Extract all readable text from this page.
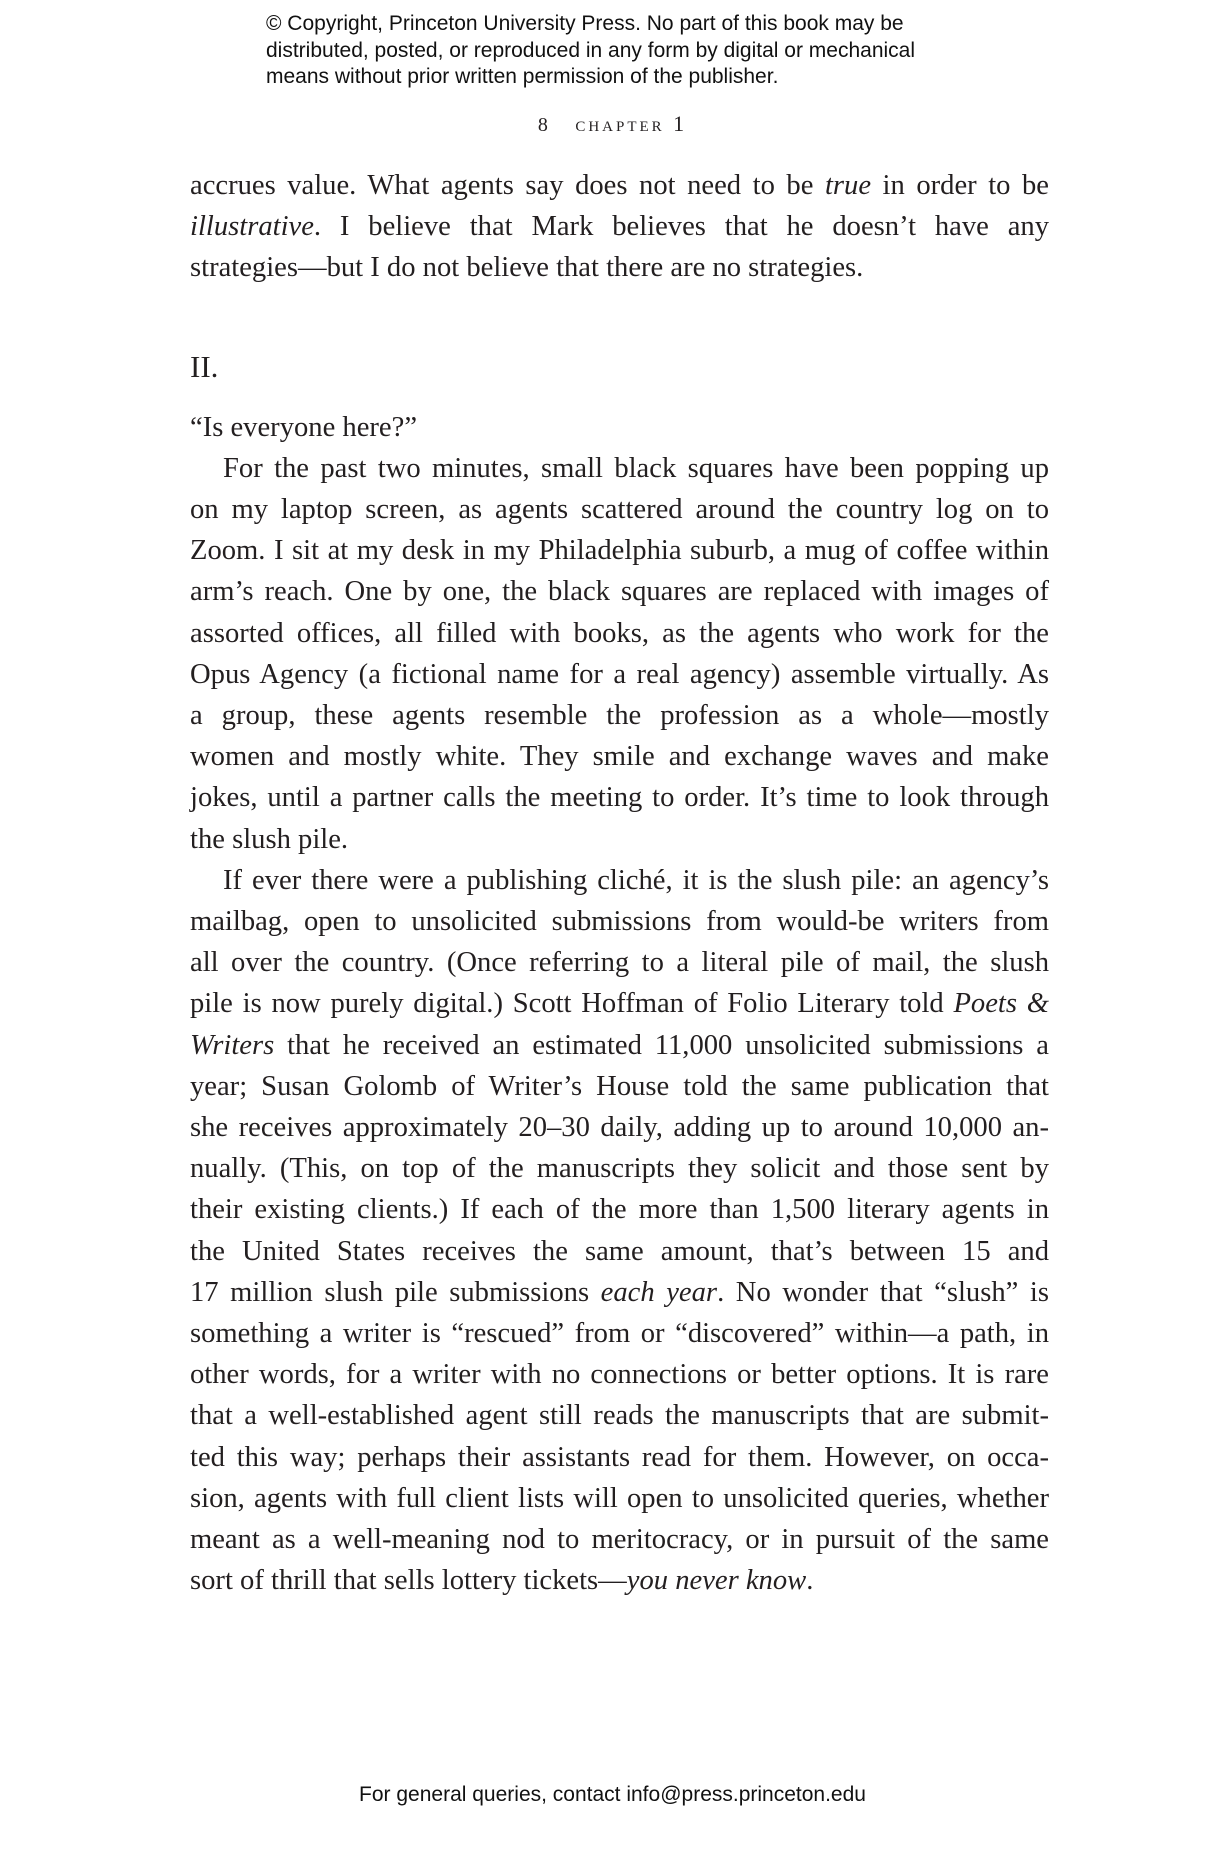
© Copyright, Princeton University Press. No part of this book may be
distributed, posted, or reproduced in any form by digital or mechanical
means without prior written permission of the publisher.
8 chapter 1

accrues value. What agents say does not need to be true in order to be
illustrative. I believe that Mark believes that he doesn’t have any
strategies—but I do not believe that there are no strategies.

II.

“Is everyone here?”

For the past two minutes, small black squares have been popping up
on my laptop screen, as agents scattered around the country log on to
Zoom. I sit at my desk in my Philadelphia suburb, a mug of coffee within
arm’s reach. One by one, the black squares are replaced with images of
assorted offices, all filled with books, as the agents who work for the
Opus Agency (a fictional name for a real agency) assemble virtually. As
a group, these agents resemble the profession as a whole—mostly
women and mostly white. They smile and exchange waves and make
jokes, until a partner calls the meeting to order. It’s time to look through
the slush pile.

If ever there were a publishing cliché, it is the slush pile: an agency’s
mailbag, open to unsolicited submissions from would-be writers from
all over the country. (Once referring to a literal pile of mail, the slush
pile is now purely digital.) Scott Hoffman of Folio Literary told Poets &
Writers that he received an estimated 11,000 unsolicited submissions a
year; Susan Golomb of Writer’s House told the same publication that
she receives approximately 20–30 daily, adding up to around 10,000 an-
nually. (This, on top of the manuscripts they solicit and those sent by
their existing clients.) If each of the more than 1,500 literary agents in
the United States receives the same amount, that’s between 15 and
17 million slush pile submissions each year. No wonder that “slush” is
something a writer is “rescued” from or “discovered” within—a path, in
other words, for a writer with no connections or better options. It is rare
that a well-established agent still reads the manuscripts that are submit-
ted this way; perhaps their assistants read for them. However, on occa-
sion, agents with full client lists will open to unsolicited queries, whether
meant as a well-meaning nod to meritocracy, or in pursuit of the same
sort of thrill that sells lottery tickets—you never know.

For general queries, contact info@press.princeton.edu
